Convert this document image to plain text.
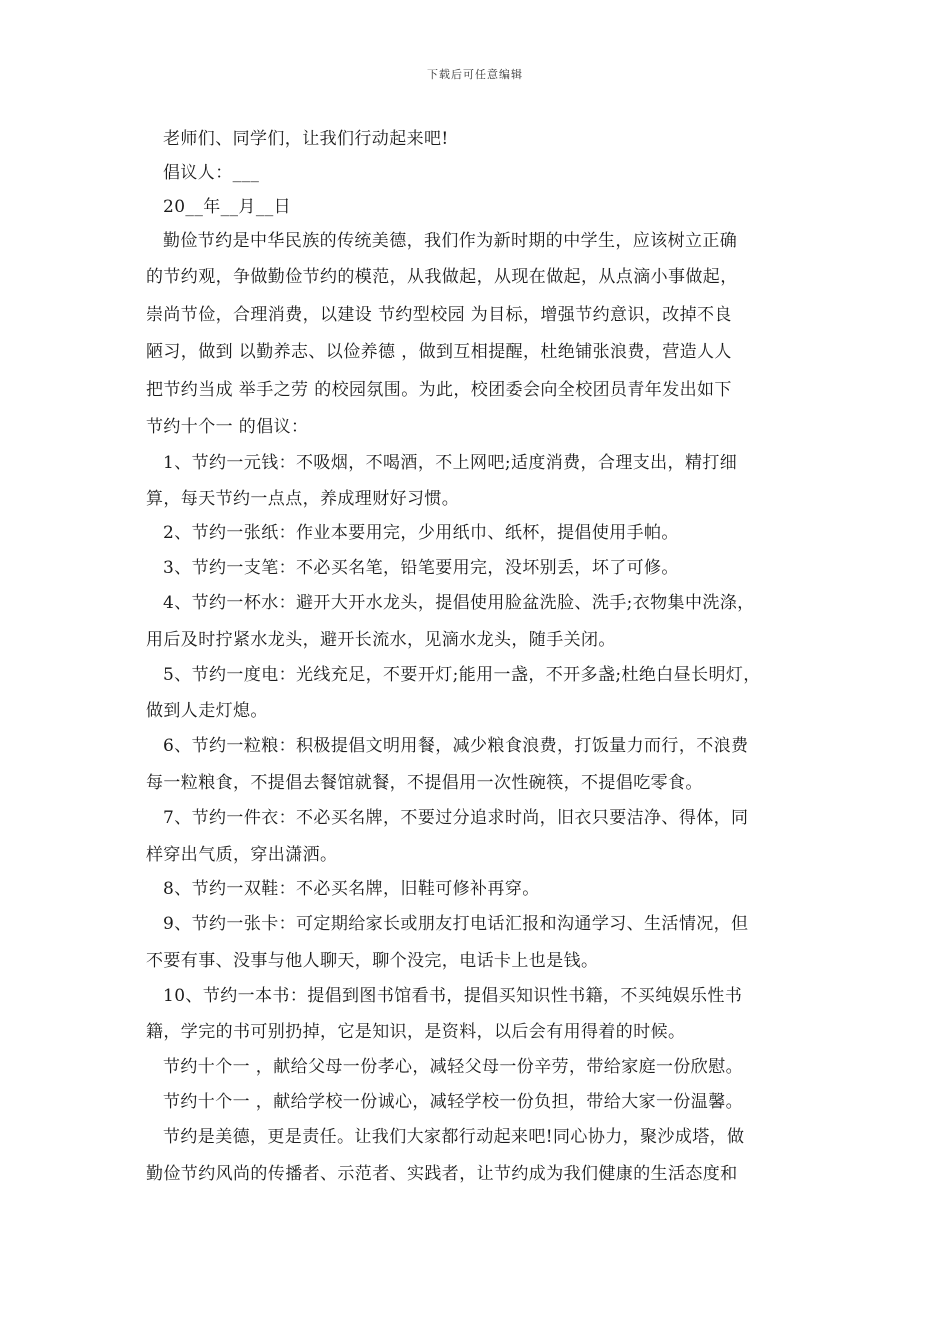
下载后可任意编辑
老师们、同学们，让我们行动起来吧!
倡议人：___
20__年__月__日
勤俭节约是中华民族的传统美德，我们作为新时期的中学生，应该树立正确
的节约观，争做勤俭节约的模范，从我做起，从现在做起，从点滴小事做起，
崇尚节俭，合理消费，以建设 节约型校园 为目标，增强节约意识，改掉不良
陋习，做到 以勤养志、以俭养德 ，做到互相提醒，杜绝铺张浪费，营造人人
把节约当成 举手之劳 的校园氛围。为此，校团委会向全校团员青年发出如下
节约十个一 的倡议：
1、节约一元钱：不吸烟，不喝酒，不上网吧;适度消费，合理支出，精打细
算，每天节约一点点，养成理财好习惯。
2、节约一张纸：作业本要用完，少用纸巾、纸杯，提倡使用手帕。
3、节约一支笔：不必买名笔，铅笔要用完，没坏别丢，坏了可修。
4、节约一杯水：避开大开水龙头，提倡使用脸盆洗脸、洗手;衣物集中洗涤，
用后及时拧紧水龙头，避开长流水，见滴水龙头，随手关闭。
5、节约一度电：光线充足，不要开灯;能用一盏，不开多盏;杜绝白昼长明灯，
做到人走灯熄。
6、节约一粒粮：积极提倡文明用餐，减少粮食浪费，打饭量力而行，不浪费
每一粒粮食，不提倡去餐馆就餐，不提倡用一次性碗筷，不提倡吃零食。
7、节约一件衣：不必买名牌，不要过分追求时尚，旧衣只要洁净、得体，同
样穿出气质，穿出潇洒。
8、节约一双鞋：不必买名牌，旧鞋可修补再穿。
9、节约一张卡：可定期给家长或朋友打电话汇报和沟通学习、生活情况，但
不要有事、没事与他人聊天，聊个没完，电话卡上也是钱。
10、节约一本书：提倡到图书馆看书，提倡买知识性书籍，不买纯娱乐性书
籍，学完的书可别扔掉，它是知识，是资料，以后会有用得着的时候。
节约十个一 ，献给父母一份孝心，减轻父母一份辛劳，带给家庭一份欣慰。
节约十个一 ，献给学校一份诚心，减轻学校一份负担，带给大家一份温馨。
节约是美德，更是责任。让我们大家都行动起来吧!同心协力，聚沙成塔，做
勤俭节约风尚的传播者、示范者、实践者，让节约成为我们健康的生活态度和
